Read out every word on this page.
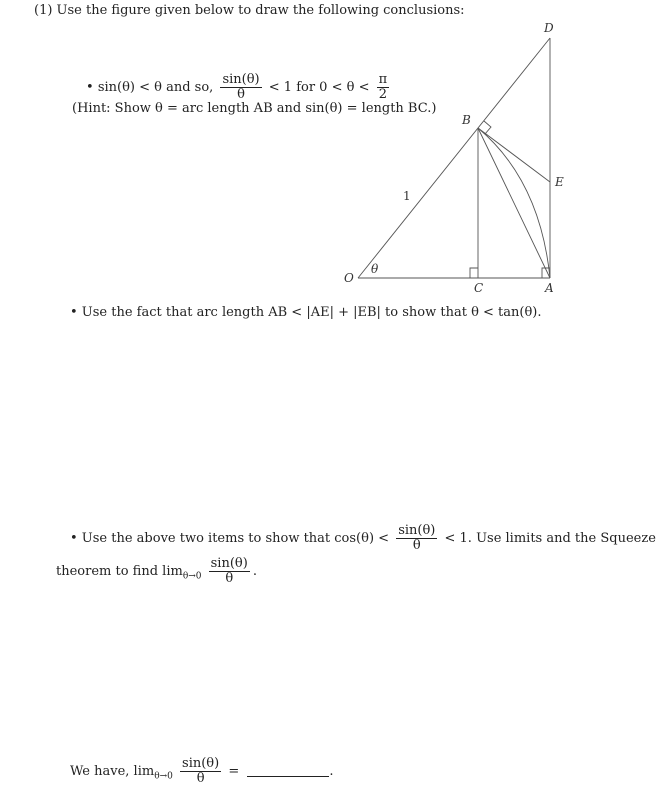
(1) Use the figure given below to draw the following conclusions:
• sin(θ) < θ and so, $\frac{\sin(\theta)}{\theta} < 1$ for $0 < \theta < \frac{\pi}{2}$
(Hint: Show θ = arc length AB and sin(θ) = length BC.)
D
B
E
1
O
θ
C	A
• Use the fact that arc length AB < |AE| + |EB| to show that θ < tan(θ).
• Use the above two items to show that $\cos(\theta) < \frac{\sin(\theta)}{\theta} < 1$. Use limits and the Squeeze
theorem to find $\lim_{\theta\to 0} \frac{\sin(\theta)}{\theta}$ .
We have, $\lim_{\theta\to 0} \frac{\sin(\theta)}{\theta}$ =	.
